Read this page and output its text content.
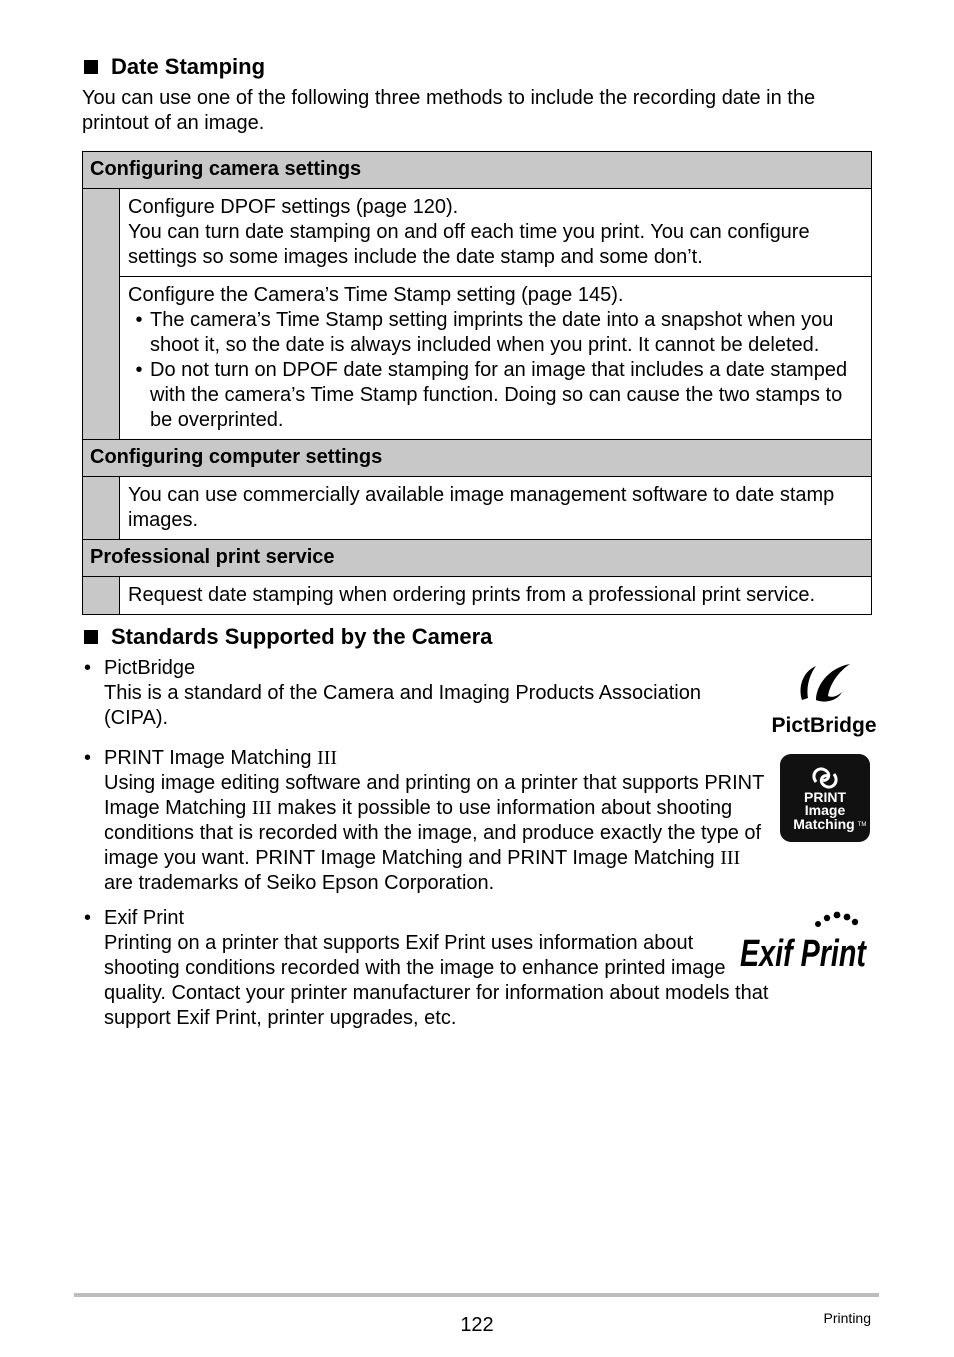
Date Stamping
You can use one of the following three methods to include the recording date in the printout of an image.
Configuring camera settings	

	Configure DPOF settings (page 120).
You can turn date stamping on and off each time you print. You can configure settings so some images include the date stamp and some don’t.

	Configure the Camera’s Time Stamp setting (page 145).
• The camera’s Time Stamp setting imprints the date into a snapshot when you shoot it, so the date is always included when you print. It cannot be deleted.
• Do not turn on DPOF date stamping for an image that includes a date stamped with the camera’s Time Stamp function. Doing so can cause the two stamps to be overprinted.

Configuring computer settings	

	You can use commercially available image management software to date stamp images.

Professional print service	

	Request date stamping when ordering prints from a professional print service.
Standards Supported by the Camera
• PictBridge
This is a standard of the Camera and Imaging Products Association (CIPA).	PictBridge
• PRINT Image Matching III
Using image editing software and printing on a printer that supports PRINT Image Matching III makes it possible to use information about shooting conditions that is recorded with the image, and produce exactly the type of image you want. PRINT Image Matching and PRINT Image Matching III are trademarks of Seiko Epson Corporation.
PRINT
Image
Matching TM
• Exif Print
Printing on a printer that supports Exif Print uses information about shooting conditions recorded with the image to enhance printed image quality. Contact your printer manufacturer for information about models that support Exif Print, printer upgrades, etc.
Exif Print
122	Printing
